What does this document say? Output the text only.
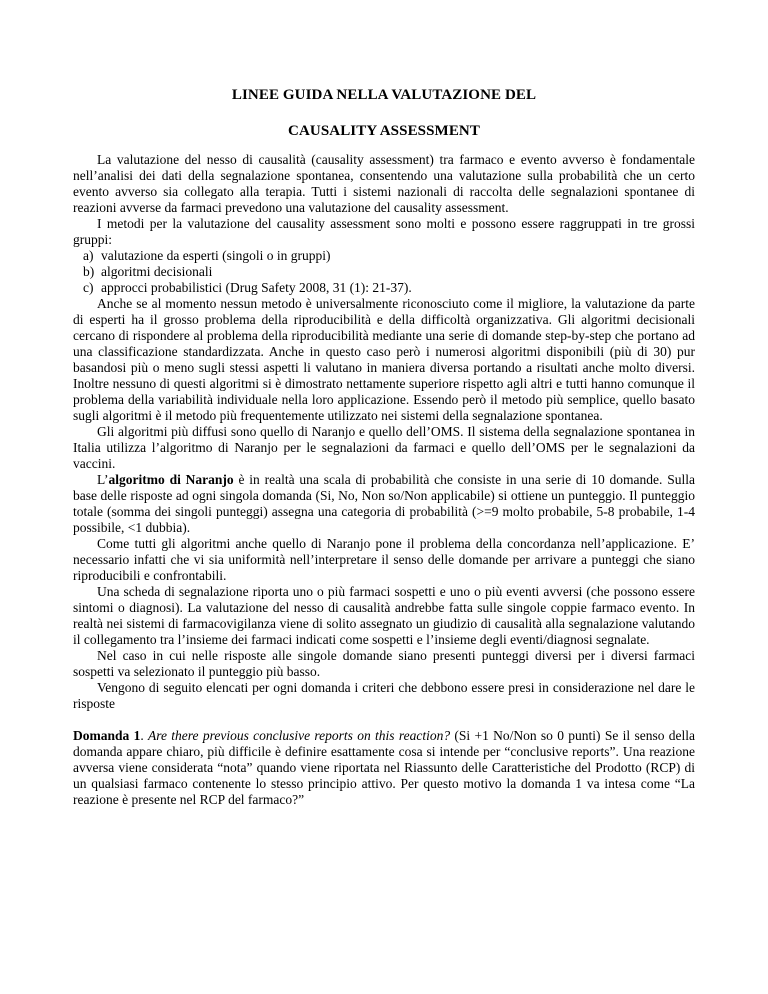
LINEE GUIDA NELLA VALUTAZIONE DEL
CAUSALITY ASSESSMENT

La valutazione del nesso di causalità (causality assessment) tra farmaco e evento avverso è fondamentale nell’analisi dei dati della segnalazione spontanea, consentendo una valutazione sulla probabilità che un certo evento avverso sia collegato alla terapia. Tutti i sistemi nazionali di raccolta delle segnalazioni spontanee di reazioni avverse da farmaci prevedono una valutazione del causality assessment.

I metodi per la valutazione del causality assessment sono molti e possono essere raggruppati in tre grossi gruppi:

a) valutazione da esperti (singoli o in gruppi)
b) algoritmi decisionali
c) approcci probabilistici (Drug Safety 2008, 31 (1): 21-37).

Anche se al momento nessun metodo è universalmente riconosciuto come il migliore, la valutazione da parte di esperti ha il grosso problema della riproducibilità e della difficoltà organizzativa. Gli algoritmi decisionali cercano di rispondere al problema della riproducibilità mediante una serie di domande step-by-step che portano ad una classificazione standardizzata. Anche in questo caso però i numerosi algoritmi disponibili (più di 30) pur basandosi più o meno sugli stessi aspetti li valutano in maniera diversa portando a risultati anche molto diversi. Inoltre nessuno di questi algoritmi si è dimostrato nettamente superiore rispetto agli altri e tutti hanno comunque il problema della variabilità individuale nella loro applicazione. Essendo però il metodo più semplice, quello basato sugli algoritmi è il metodo più frequentemente utilizzato nei sistemi della segnalazione spontanea.

Gli algoritmi più diffusi sono quello di Naranjo e quello dell’OMS. Il sistema della segnalazione spontanea in Italia utilizza l’algoritmo di Naranjo per le segnalazioni da farmaci e quello dell’OMS per le segnalazioni da vaccini.

L’algoritmo di Naranjo è in realtà una scala di probabilità che consiste in una serie di 10 domande. Sulla base delle risposte ad ogni singola domanda (Si, No, Non so/Non applicabile) si ottiene un punteggio. Il punteggio totale (somma dei singoli punteggi) assegna una categoria di probabilità (>=9 molto probabile, 5-8 probabile, 1-4 possibile, <1 dubbia).

Come tutti gli algoritmi anche quello di Naranjo pone il problema della concordanza nell’applicazione. E’ necessario infatti che vi sia uniformità nell’interpretare il senso delle domande per arrivare a punteggi che siano riproducibili e confrontabili.

Una scheda di segnalazione riporta uno o più farmaci sospetti e uno o più eventi avversi (che possono essere sintomi o diagnosi). La valutazione del nesso di causalità andrebbe fatta sulle singole coppie farmaco evento. In realtà nei sistemi di farmacovigilanza viene di solito assegnato un giudizio di causalità alla segnalazione valutando il collegamento tra l’insieme dei farmaci indicati come sospetti e l’insieme degli eventi/diagnosi segnalate.

Nel caso in cui nelle risposte alle singole domande siano presenti punteggi diversi per i diversi farmaci sospetti va selezionato il punteggio più basso.

Vengono di seguito elencati per ogni domanda i criteri che debbono essere presi in considerazione nel dare le risposte

Domanda 1. Are there previous conclusive reports on this reaction? (Si +1 No/Non so 0 punti) Se il senso della domanda appare chiaro, più difficile è definire esattamente cosa si intende per “conclusive reports”. Una reazione avversa viene considerata “nota” quando viene riportata nel Riassunto delle Caratteristiche del Prodotto (RCP) di un qualsiasi farmaco contenente lo stesso principio attivo. Per questo motivo la domanda 1 va intesa come “La reazione è presente nel RCP del farmaco?”
